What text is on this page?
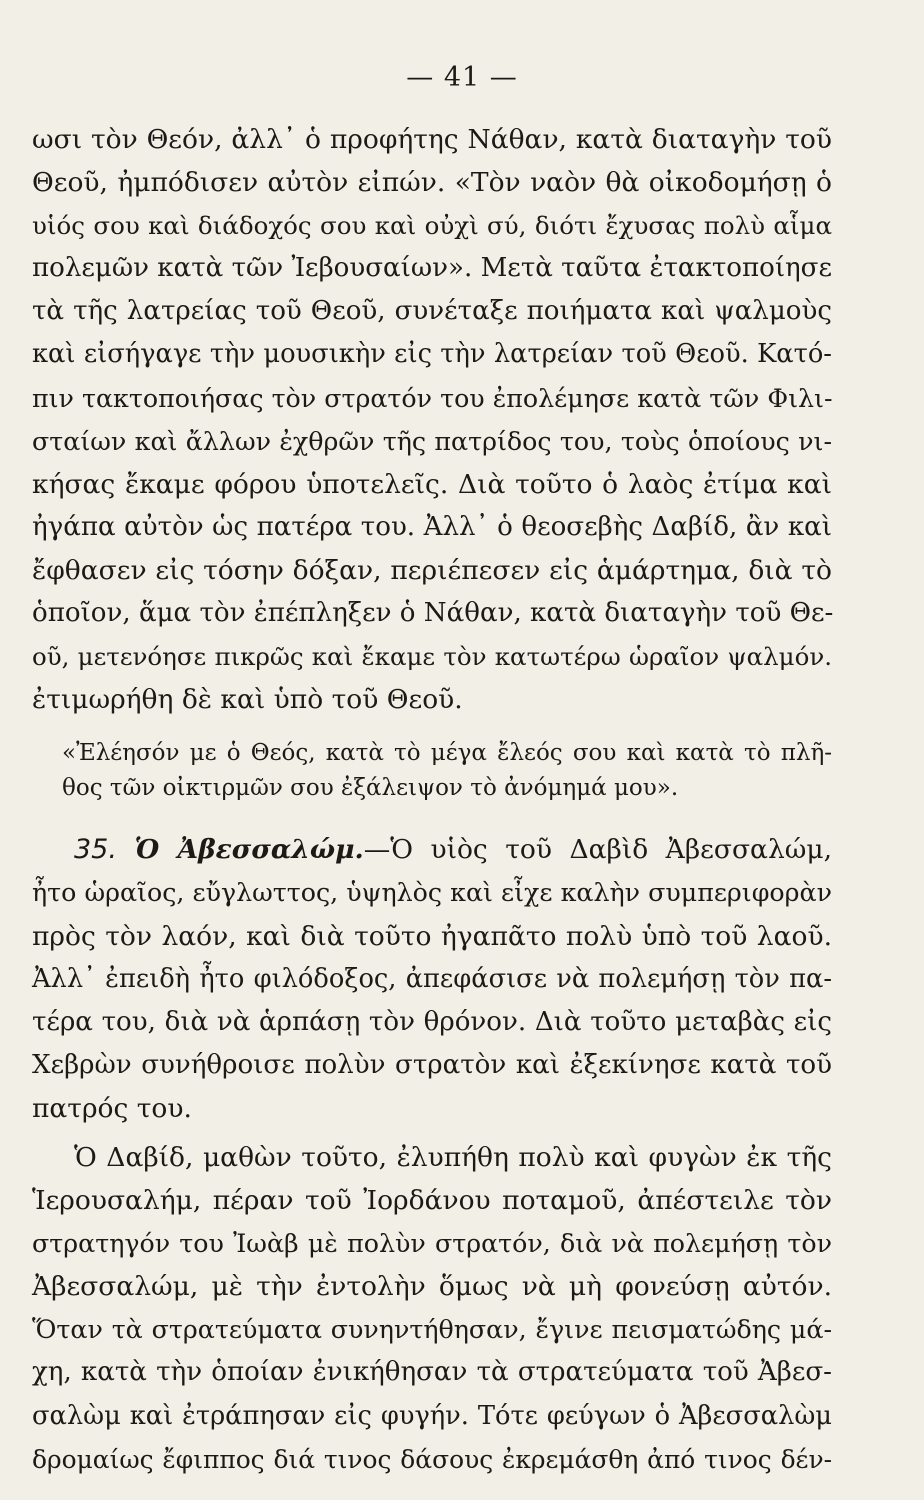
— 41 —
ωσι τὸν Θεόν, ἀλλ᾽ ὁ προφήτης Νάθαν, κατὰ διαταγὴν τοῦ
Θεοῦ, ἠμπόδισεν αὐτὸν εἰπών. «Τὸν ναὸν θὰ οἰκοδομήσῃ ὁ
υἱός σου καὶ διάδοχός σου καὶ οὐχὶ σύ, διότι ἔχυσας πολὺ αἷμα
πολεμῶν κατὰ τῶν Ἰεβουσαίων». Μετὰ ταῦτα ἐτακτοποίησε
τὰ τῆς λατρείας τοῦ Θεοῦ, συνέταξε ποιήματα καὶ ψαλμοὺς
καὶ εἰσήγαγε τὴν μουσικὴν εἰς τὴν λατρείαν τοῦ Θεοῦ. Κατό-
πιν τακτοποιήσας τὸν στρατόν του ἐπολέμησε κατὰ τῶν Φιλι-
σταίων καὶ ἄλλων ἐχθρῶν τῆς πατρίδος του, τοὺς ὁποίους νι-
κήσας ἔκαμε φόρου ὑποτελεῖς. Διὰ τοῦτο ὁ λαὸς ἐτίμα καὶ
ἠγάπα αὐτὸν ὡς πατέρα του. Ἀλλ᾽ ὁ θεοσεβὴς Δαβίδ, ἂν καὶ
ἔφθασεν εἰς τόσην δόξαν, περιέπεσεν εἰς ἁμάρτημα, διὰ τὸ
ὁποῖον, ἅμα τὸν ἐπέπληξεν ὁ Νάθαν, κατὰ διαταγὴν τοῦ Θε-
οῦ, μετενόησε πικρῶς καὶ ἔκαμε τὸν κατωτέρω ὡραῖον ψαλμόν.
ἐτιμωρήθη δὲ καὶ ὑπὸ τοῦ Θεοῦ.
«Ἐλέησόν με ὁ Θεός, κατὰ τὸ μέγα ἔλεός σου καὶ κατὰ τὸ πλῆ-
θος τῶν οἰκτιρμῶν σου ἐξάλειψον τὸ ἀνόμημά μου».
35. Ὁ Ἀβεσσαλώμ.—Ὁ υἱὸς τοῦ Δαβὶδ Ἀβεσσαλώμ,
ἦτο ὡραῖος, εὔγλωττος, ὑψηλὸς καὶ εἶχε καλὴν συμπεριφορὰν
πρὸς τὸν λαόν, καὶ διὰ τοῦτο ἠγαπᾶτο πολὺ ὑπὸ τοῦ λαοῦ.
Ἀλλ᾽ ἐπειδὴ ἦτο φιλόδοξος, ἀπεφάσισε νὰ πολεμήσῃ τὸν πα-
τέρα του, διὰ νὰ ἁρπάσῃ τὸν θρόνον. Διὰ τοῦτο μεταβὰς εἰς
Χεβρὼν συνήθροισε πολὺν στρατὸν καὶ ἐξεκίνησε κατὰ τοῦ
πατρός του.
Ὁ Δαβίδ, μαθὼν τοῦτο, ἐλυπήθη πολὺ καὶ φυγὼν ἐκ τῆς
Ἱερουσαλήμ, πέραν τοῦ Ἰορδάνου ποταμοῦ, ἀπέστειλε τὸν
στρατηγόν του Ἰωὰβ μὲ πολὺν στρατόν, διὰ νὰ πολεμήσῃ τὸν
Ἀβεσσαλώμ, μὲ τὴν ἐντολὴν ὅμως νὰ μὴ φονεύσῃ αὐτόν.
Ὅταν τὰ στρατεύματα συνηντήθησαν, ἔγινε πεισματώδης μά-
χη, κατὰ τὴν ὁποίαν ἐνικήθησαν τὰ στρατεύματα τοῦ Ἀβεσ-
σαλὼμ καὶ ἐτράπησαν εἰς φυγήν. Τότε φεύγων ὁ Ἀβεσσαλὼμ
δρομαίως ἔφιππος διά τινος δάσους ἐκρεμάσθη ἀπό τινος δέν-
